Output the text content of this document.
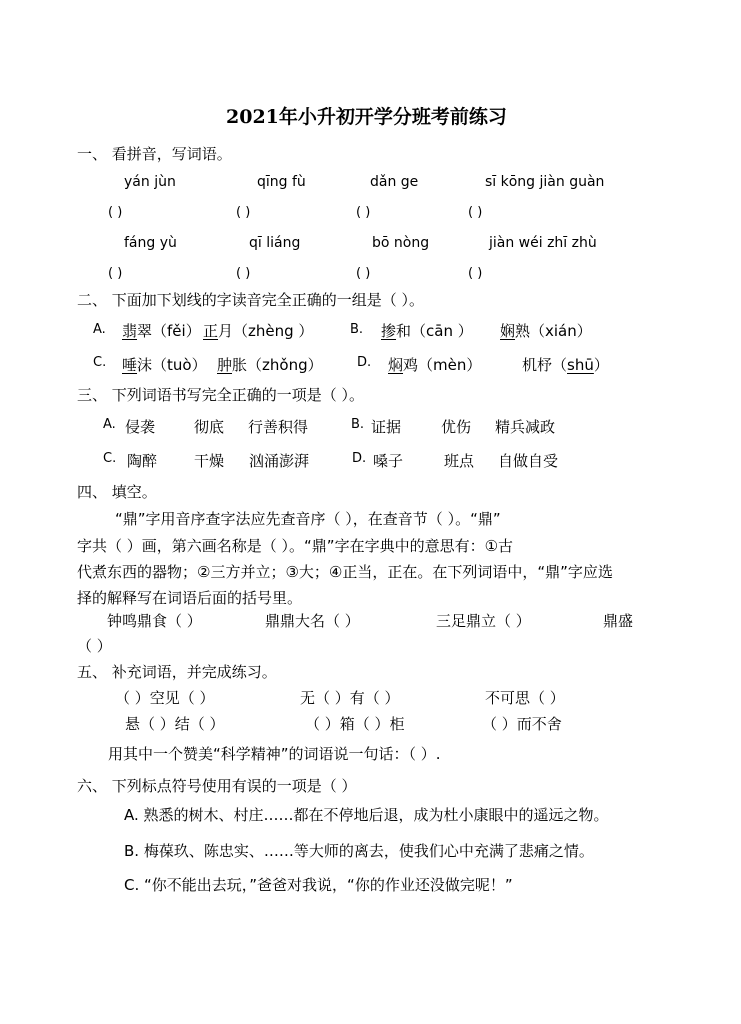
2021年小升初开学分班考前练习
一、 看拼音，写词语。
yán jùn	qīng fù	dǎn ge	sī kōng jiàn guàn
( )	( )	( )	( )
fáng yù	qī liáng	bō nòng	jiàn wéi zhī zhù
( )	( )	( )	( )
二、 下面加下划线的字读音完全正确的一组是（ ）。
A. 翡翠（fěi） 正月（zhèng ）	B. 掺和（cān ） 娴熟（xián）
C. 唾沫（tuò） 肿胀（zhǒng）	D. 焖鸡（mèn）	机杼（shū）
三、 下列词语书写完全正确的一项是（ ）。
A. 侵袭	彻底 行善积得	B. 证据	优伤 精兵减政
C. 陶醉 干燥 汹涌澎湃	D. 嗓子	班点 自做自受
四、 填空。
“鼎”字用音序查字法应先查音序（ ），在查音节（ ）。“鼎”
字共（ ）画，第六画名称是（ ）。“鼎”字在字典中的意思有：①古
代煮东西的器物；②三方并立；③大；④正当，正在。在下列词语中，“鼎”字应选
择的解释写在词语后面的括号里。
钟鸣鼎食（ ）	鼎鼎大名（ ）	三足鼎立（ ）	鼎盛
（ ）
五、 补充词语，并完成练习。
（ ）空见（ ）	无（ ）有（ ）	不可思（ ）
悬（ ）结（ ）	（ ）箱（ ）柜	（ ）而不舍
用其中一个赞美“科学精神”的词语说一句话：（ ）.
六、 下列标点符号使用有误的一项是（ ）
A. 熟悉的树木、村庄……都在不停地后退，成为杜小康眼中的遥远之物。
B. 梅葆玖、陈忠实、……等大师的离去，使我们心中充满了悲痛之情。
C. “你不能出去玩，”爸爸对我说，“你的作业还没做完呢！”
